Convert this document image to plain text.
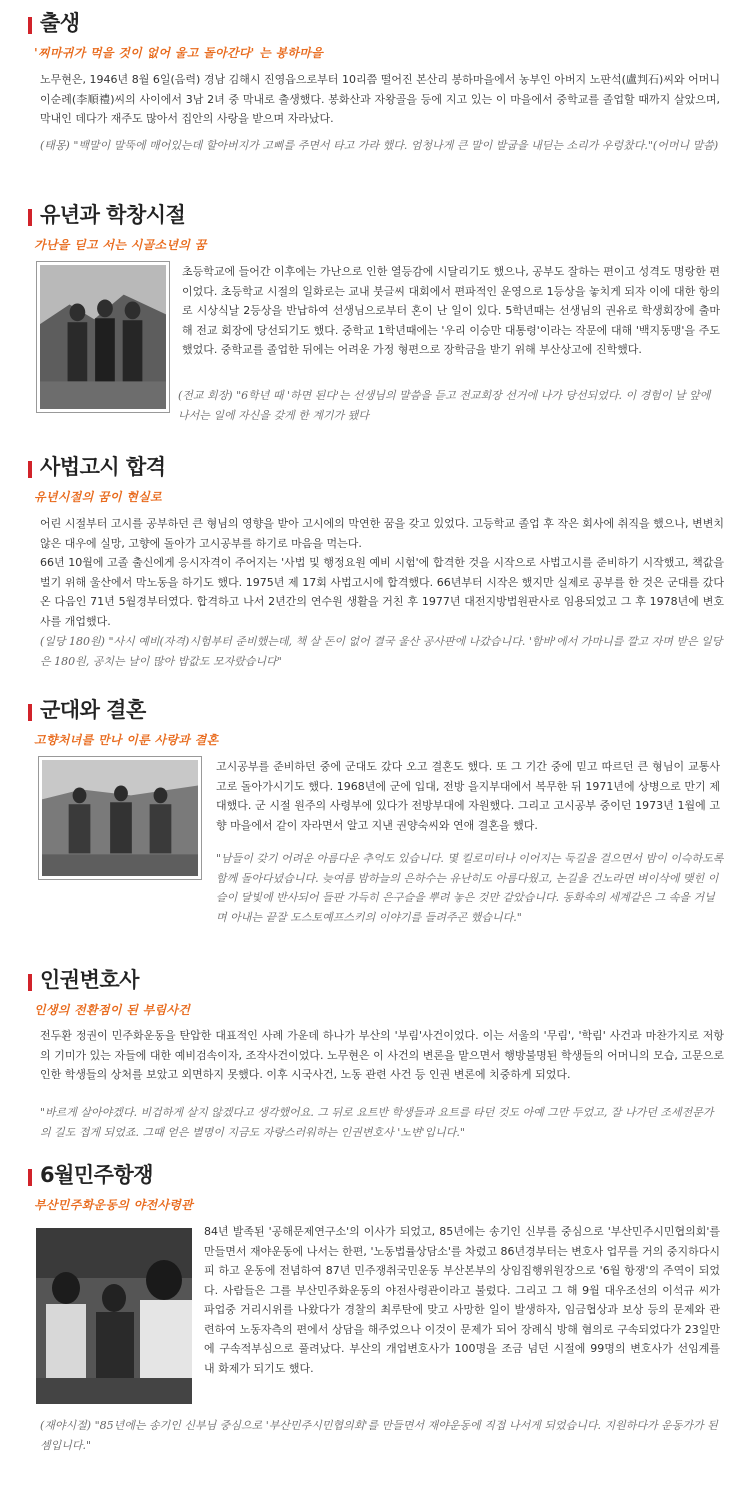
출생
'찌마귀가 먹을 것이 없어 울고 돌아간다' 는 봉하마을

노무현은, 1946년 8월 6일(음력) 경남 김해시 진영읍으로부터 10리쯤 떨어진 본산리 봉하마을에서 농부인 아버지 노판석(盧判石)씨와 어머니 이순례(李順禮)씨의 사이에서 3남 2녀 중 막내로 출생했다. 봉화산과 자왕골을 등에 지고 있는 이 마을에서 중학교를 졸업할 때까지 살았으며, 막내인 데다가 재주도 많아서 집안의 사랑을 받으며 자라났다.

(태몽) "백말이 말뚝에 매어있는데 할아버지가 고삐를 주면서 타고 가라 했다. 엄청나게 큰 말이 발굽을 내딛는 소리가 우렁찼다."(어머니 말씀)

유년과 학창시절
가난을 딛고 서는 시골소년의 꿈

초등학교에 들어간 이후에는 가난으로 인한 열등감에 시달리기도 했으나, 공부도 잘하는 편이고 성격도 명랑한 편이었다. 초등학교 시절의 일화로는 교내 붓글씨 대회에서 편파적인 운영으로 1등상을 놓치게 되자 이에 대한 항의로 시상식날 2등상을 반납하여 선생님으로부터 혼이 난 일이 있다. 5학년때는 선생님의 권유로 학생회장에 출마해 전교 회장에 당선되기도 했다. 중학교 1학년때에는 '우리 이승만 대통령'이라는 작문에 대해 '백지동맹'을 주도했었다. 중학교를 졸업한 뒤에는 어려운 가정 형편으로 장학금을 받기 위해 부산상고에 진학했다.

(전교 회장) "6학년 때 '하면 된다'는 선생님의 말씀을 듣고 전교회장 선거에 나가 당선되었다. 이 경험이 날 앞에 나서는 일에 자신을 갖게 한 계기가 됐다

사법고시 합격
유년시절의 꿈이 현실로

어린 시절부터 고시를 공부하던 큰 형님의 영향을 받아 고시에의 막연한 꿈을 갖고 있었다. 고등학교 졸업 후 작은 회사에 취직을 했으나, 변변치 않은 대우에 실망, 고향에 돌아가 고시공부를 하기로 마음을 먹는다.
66년 10월에 고졸 출신에게 응시자격이 주어지는 '사법 및 행정요원 예비 시험'에 합격한 것을 시작으로 사법고시를 준비하기 시작했고, 책값을 벌기 위해 울산에서 막노동을 하기도 했다. 1975년 제 17회 사법고시에 합격했다. 66년부터 시작은 했지만 실제로 공부를 한 것은 군대를 갔다 온 다음인 71년 5월경부터였다. 합격하고 나서 2년간의 연수원 생활을 거친 후 1977년 대전지방법원판사로 임용되었고 그 후 1978년에 변호사를 개업했다.

(일당 180원) "사시 예비(자격)시험부터 준비했는데, 책 살 돈이 없어 결국 울산 공사판에 나갔습니다. '함바'에서 가마니를 깔고 자며 받은 일당은 180원, 공치는 날이 많아 밥값도 모자랐습니다"

군대와 결혼
고향처녀를 만나 이룬 사랑과 결혼

고시공부를 준비하던 중에 군대도 갔다 오고 결혼도 했다. 또 그 기간 중에 믿고 따르던 큰 형님이 교통사고로 돌아가시기도 했다. 1968년에 군에 입대, 전방 을지부대에서 복무한 뒤 1971년에 상병으로 만기 제대했다. 군 시절 원주의 사령부에 있다가 전방부대에 자원했다. 그리고 고시공부 중이던 1973년 1월에 고향 마을에서 같이 자라면서 알고 지낸 권양숙씨와 연애 결혼을 했다.

"남들이 갖기 어려운 아름다운 추억도 있습니다. 몇 킬로미터나 이어지는 둑길을 걸으면서 밤이 이슥하도록 함께 돌아다녔습니다. 늦여름 밤하늘의 은하수는 유난히도 아름다웠고, 논길을 건노라면 벼이삭에 맺힌 이슬이 달빛에 반사되어 들판 가득히 은구슬을 뿌려 놓은 것만 같았습니다. 동화속의 세계같은 그 속을 거닐며 아내는 끝잘 도스토예프스키의 이야기를 들려주곤 했습니다."

인권변호사
인생의 전환점이 된 부림사건

전두환 정권이 민주화운동을 탄압한 대표적인 사례 가운데 하나가 부산의 '부림'사건이었다. 이는 서울의 '무림', '학림' 사건과 마찬가지로 저항의 기미가 있는 자들에 대한 예비검속이자, 조작사건이었다. 노무현은 이 사건의 변론을 맡으면서 행방불명된 학생들의 어머니의 모습, 고문으로 인한 학생들의 상처를 보았고 외면하지 못했다. 이후 시국사건, 노동 관련 사건 등 인권 변론에 치중하게 되었다.

"바르게 살아야겠다. 비겁하게 살지 않겠다고 생각했어요. 그 뒤로 요트반 학생들과 요트를 타던 것도 아예 그만 두었고, 잘 나가던 조세전문가의 길도 접게 되었죠. 그때 얻은 별명이 지금도 자랑스러워하는 인권변호사 '노변'입니다."

6월민주항쟁
부산민주화운동의 야전사령관

84년 발족된 '공해문제연구소'의 이사가 되었고, 85년에는 송기인 신부를 중심으로 '부산민주시민협의회'를 만들면서 재야운동에 나서는 한편, '노동법률상담소'를 차렸고 86년경부터는 변호사 업무를 거의 중지하다시피 하고 운동에 전념하여 87년 민주쟁취국민운동 부산본부의 상임집행위원장으로 '6월 항쟁'의 주역이 되었다. 사람들은 그를 부산민주화운동의 야전사령관이라고 불렀다. 그리고 그 해 9월 대우조선의 이석규 씨가 파업중 거리시위를 나왔다가 경찰의 최루탄에 맞고 사망한 일이 발생하자, 임금협상과 보상 등의 문제와 관련하여 노동자측의 편에서 상담을 해주었으나 이것이 문제가 되어 장례식 방해 혐의로 구속되었다가 23일만에 구속적부심으로 풀려났다. 부산의 개업변호사가 100명을 조금 넘던 시절에 99명의 변호사가 선임계를 내 화제가 되기도 했다.

(재야시절) "85년에는 송기인 신부님 중심으로 '부산민주시민협의회'를 만들면서 재야운동에 직접 나서게 되었습니다. 지원하다가 운동가가 된 셈입니다."
